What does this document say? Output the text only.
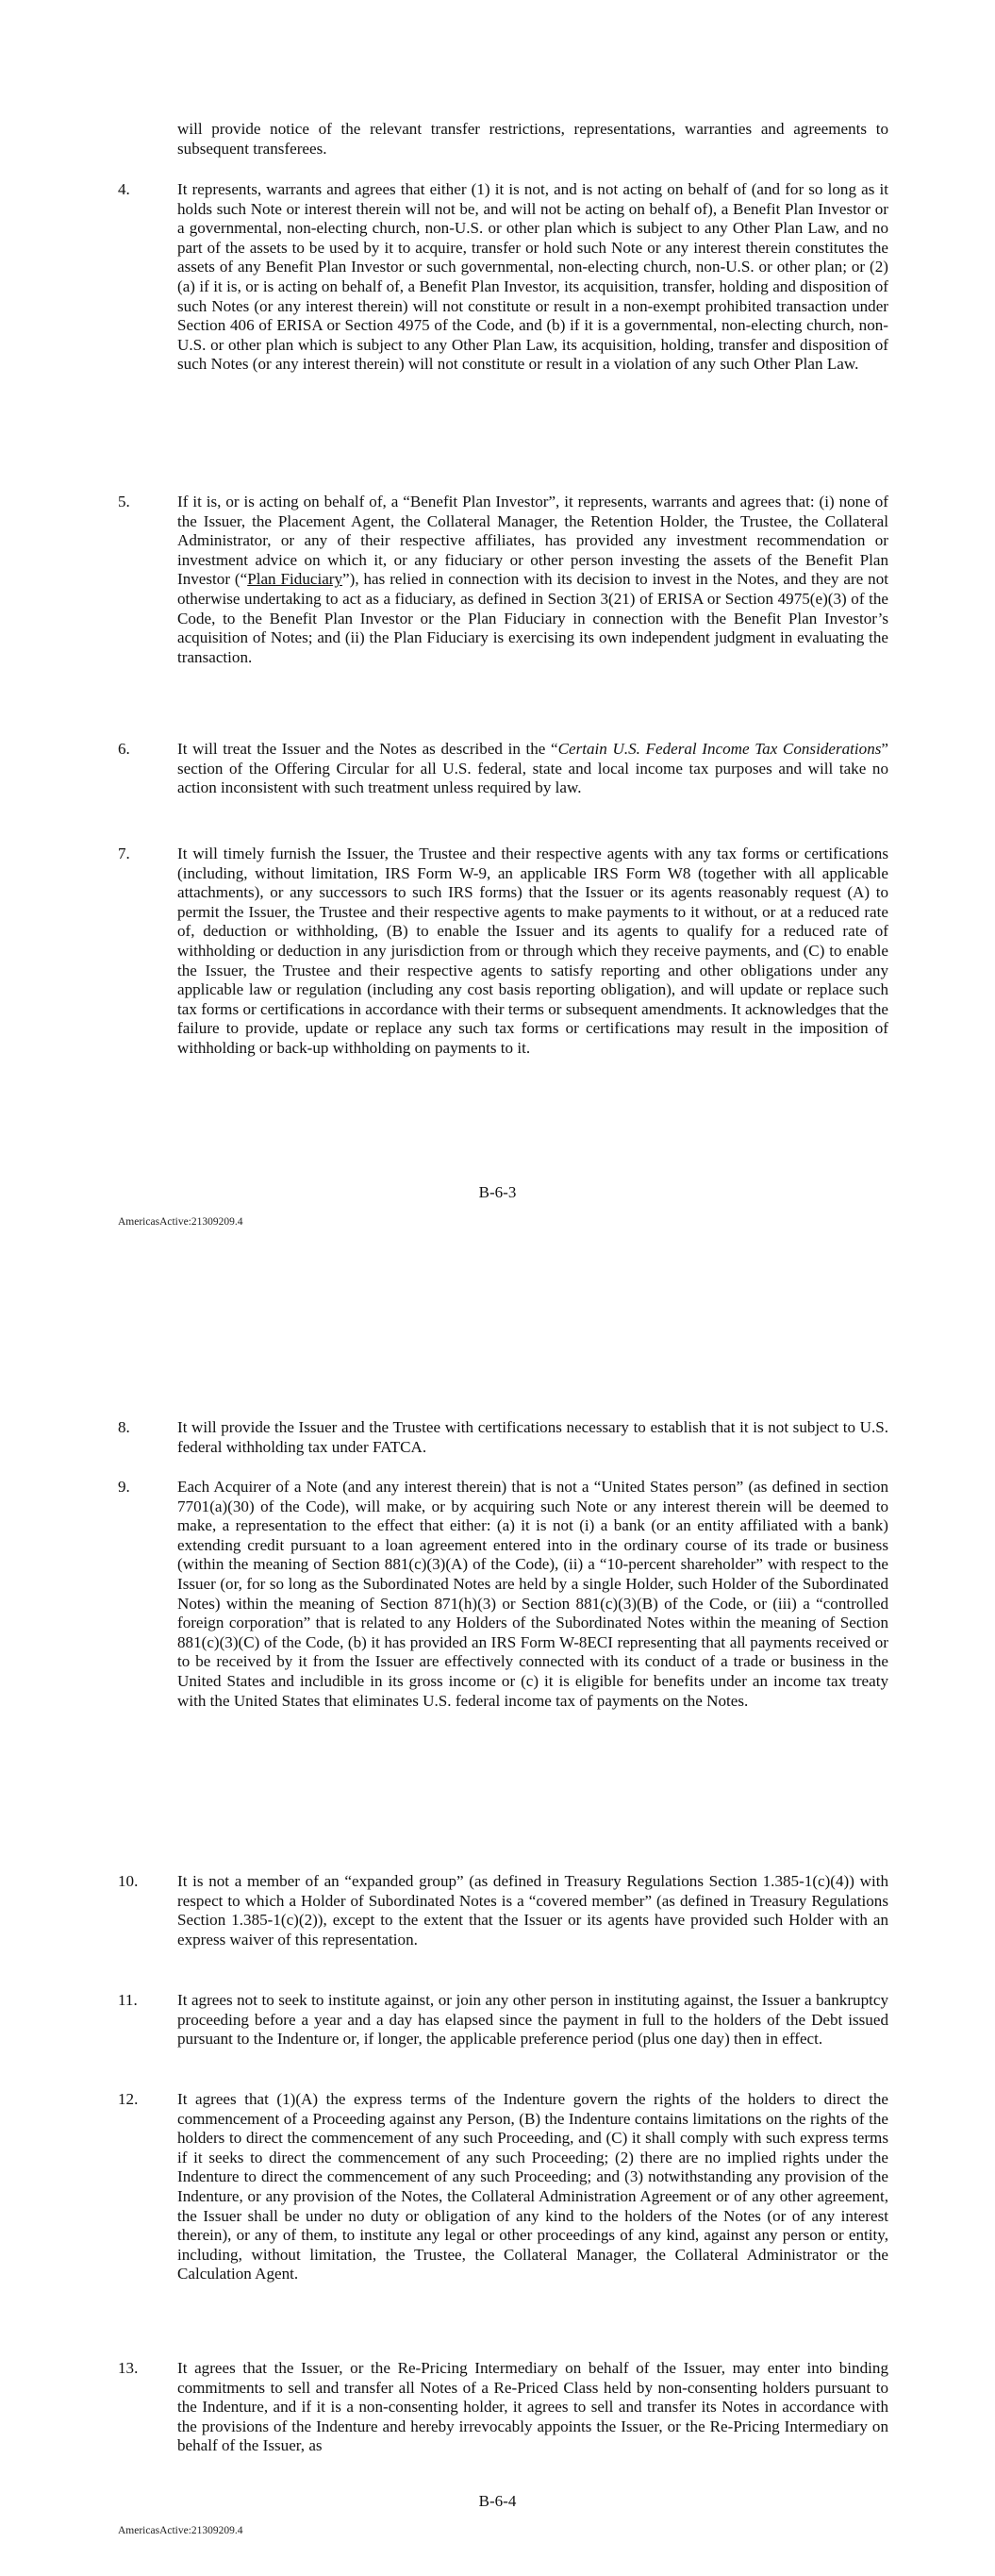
will provide notice of the relevant transfer restrictions, representations, warranties and agreements to subsequent transferees.

4.	It represents, warrants and agrees that either (1) it is not, and is not acting on behalf of (and for so long as it holds such Note or interest therein will not be, and will not be acting on behalf of), a Benefit Plan Investor or a governmental, non-electing church, non-U.S. or other plan which is subject to any Other Plan Law, and no part of the assets to be used by it to acquire, transfer or hold such Note or any interest therein constitutes the assets of any Benefit Plan Investor or such governmental, non-electing church, non-U.S. or other plan; or (2)(a) if it is, or is acting on behalf of, a Benefit Plan Investor, its acquisition, transfer, holding and disposition of such Notes (or any interest therein) will not constitute or result in a non-exempt prohibited transaction under Section 406 of ERISA or Section 4975 of the Code, and (b) if it is a governmental, non-electing church, non-U.S. or other plan which is subject to any Other Plan Law, its acquisition, holding, transfer and disposition of such Notes (or any interest therein) will not constitute or result in a violation of any such Other Plan Law.
5.	If it is, or is acting on behalf of, a “Benefit Plan Investor”, it represents, warrants and agrees that: (i) none of the Issuer, the Placement Agent, the Collateral Manager, the Retention Holder, the Trustee, the Collateral Administrator, or any of their respective affiliates, has provided any investment recommendation or investment advice on which it, or any fiduciary or other person investing the assets of the Benefit Plan Investor (“Plan Fiduciary”), has relied in connection with its decision to invest in the Notes, and they are not otherwise undertaking to act as a fiduciary, as defined in Section 3(21) of ERISA or Section 4975(e)(3) of the Code, to the Benefit Plan Investor or the Plan Fiduciary in connection with the Benefit Plan Investor’s acquisition of Notes; and (ii) the Plan Fiduciary is exercising its own independent judgment in evaluating the transaction.
6.	It will treat the Issuer and the Notes as described in the “Certain U.S. Federal Income Tax Considerations” section of the Offering Circular for all U.S. federal, state and local income tax purposes and will take no action inconsistent with such treatment unless required by law.
7.	It will timely furnish the Issuer, the Trustee and their respective agents with any tax forms or certifications (including, without limitation, IRS Form W-9, an applicable IRS Form W8 (together with all applicable attachments), or any successors to such IRS forms) that the Issuer or its agents reasonably request (A) to permit the Issuer, the Trustee and their respective agents to make payments to it without, or at a reduced rate of, deduction or withholding, (B) to enable the Issuer and its agents to qualify for a reduced rate of withholding or deduction in any jurisdiction from or through which they receive payments, and (C) to enable the Issuer, the Trustee and their respective agents to satisfy reporting and other obligations under any applicable law or regulation (including any cost basis reporting obligation), and will update or replace such tax forms or certifications in accordance with their terms or subsequent amendments. It acknowledges that the failure to provide, update or replace any such tax forms or certifications may result in the imposition of withholding or back-up withholding on payments to it.
B-6-3
AmericasActive:21309209.4
8.	It will provide the Issuer and the Trustee with certifications necessary to establish that it is not subject to U.S. federal withholding tax under FATCA.
9.	Each Acquirer of a Note (and any interest therein) that is not a “United States person” (as defined in section 7701(a)(30) of the Code), will make, or by acquiring such Note or any interest therein will be deemed to make, a representation to the effect that either: (a) it is not (i) a bank (or an entity affiliated with a bank) extending credit pursuant to a loan agreement entered into in the ordinary course of its trade or business (within the meaning of Section 881(c)(3)(A) of the Code), (ii) a “10-percent shareholder” with respect to the Issuer (or, for so long as the Subordinated Notes are held by a single Holder, such Holder of the Subordinated Notes) within the meaning of Section 871(h)(3) or Section 881(c)(3)(B) of the Code, or (iii) a “controlled foreign corporation” that is related to any Holders of the Subordinated Notes within the meaning of Section 881(c)(3)(C) of the Code, (b) it has provided an IRS Form W-8ECI representing that all payments received or to be received by it from the Issuer are effectively connected with its conduct of a trade or business in the United States and includible in its gross income or (c) it is eligible for benefits under an income tax treaty with the United States that eliminates U.S. federal income tax of payments on the Notes.
10.	It is not a member of an “expanded group” (as defined in Treasury Regulations Section 1.385-1(c)(4)) with respect to which a Holder of Subordinated Notes is a “covered member” (as defined in Treasury Regulations Section 1.385-1(c)(2)), except to the extent that the Issuer or its agents have provided such Holder with an express waiver of this representation.
11.	It agrees not to seek to institute against, or join any other person in instituting against, the Issuer a bankruptcy proceeding before a year and a day has elapsed since the payment in full to the holders of the Debt issued pursuant to the Indenture or, if longer, the applicable preference period (plus one day) then in effect.
12.	It agrees that (1)(A) the express terms of the Indenture govern the rights of the holders to direct the commencement of a Proceeding against any Person, (B) the Indenture contains limitations on the rights of the holders to direct the commencement of any such Proceeding, and (C) it shall comply with such express terms if it seeks to direct the commencement of any such Proceeding; (2) there are no implied rights under the Indenture to direct the commencement of any such Proceeding; and (3) notwithstanding any provision of the Indenture, or any provision of the Notes, the Collateral Administration Agreement or of any other agreement, the Issuer shall be under no duty or obligation of any kind to the holders of the Notes (or of any interest therein), or any of them, to institute any legal or other proceedings of any kind, against any person or entity, including, without limitation, the Trustee, the Collateral Manager, the Collateral Administrator or the Calculation Agent.
13.	It agrees that the Issuer, or the Re-Pricing Intermediary on behalf of the Issuer, may enter into binding commitments to sell and transfer all Notes of a Re-Priced Class held by non-consenting holders pursuant to the Indenture, and if it is a non-consenting holder, it agrees to sell and transfer its Notes in accordance with the provisions of the Indenture and hereby irrevocably appoints the Issuer, or the Re-Pricing Intermediary on behalf of the Issuer, as
B-6-4
AmericasActive:21309209.4
